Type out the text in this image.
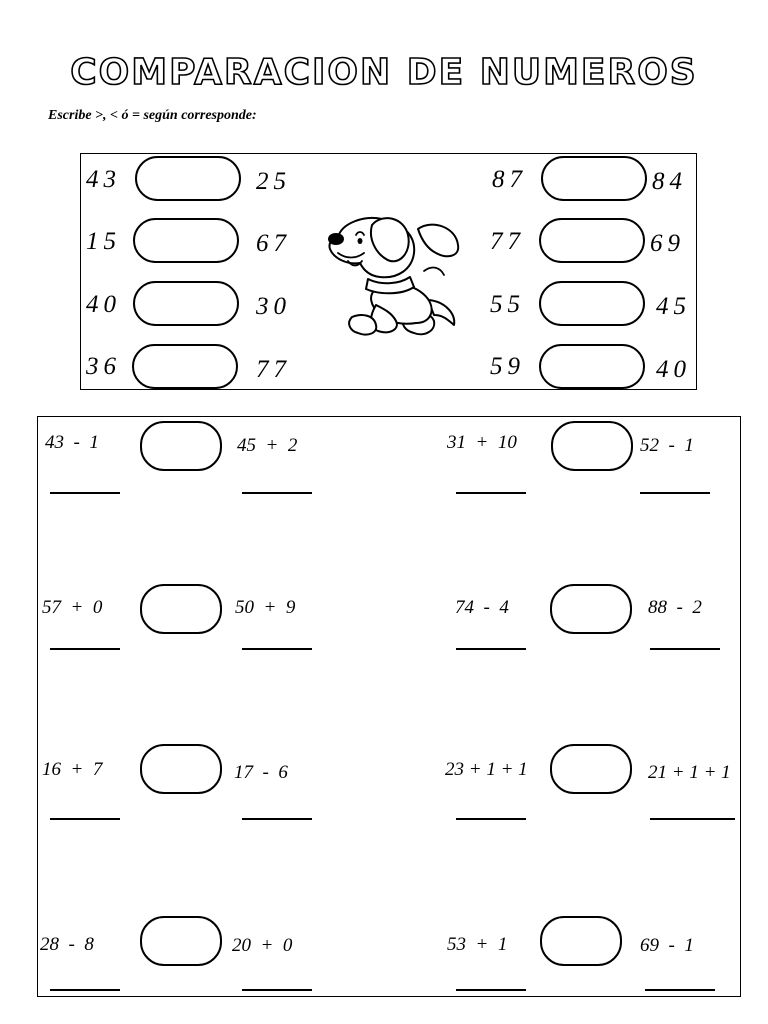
COMPARACION DE NUMEROS
Escribe >, < ó = según corresponde:
43	25	87	84
15	67	77	69
40	30	55	45
36	77	59	40
43  -  1	45  +  2	31  +  10	52  -  1
57  +  0	50  +  9	74  -  4	88  -  2
16  +  7	17  -  6	23 + 1 + 1	21 + 1 + 1
28  -  8	20  +  0	53  +  1	69  -  1
